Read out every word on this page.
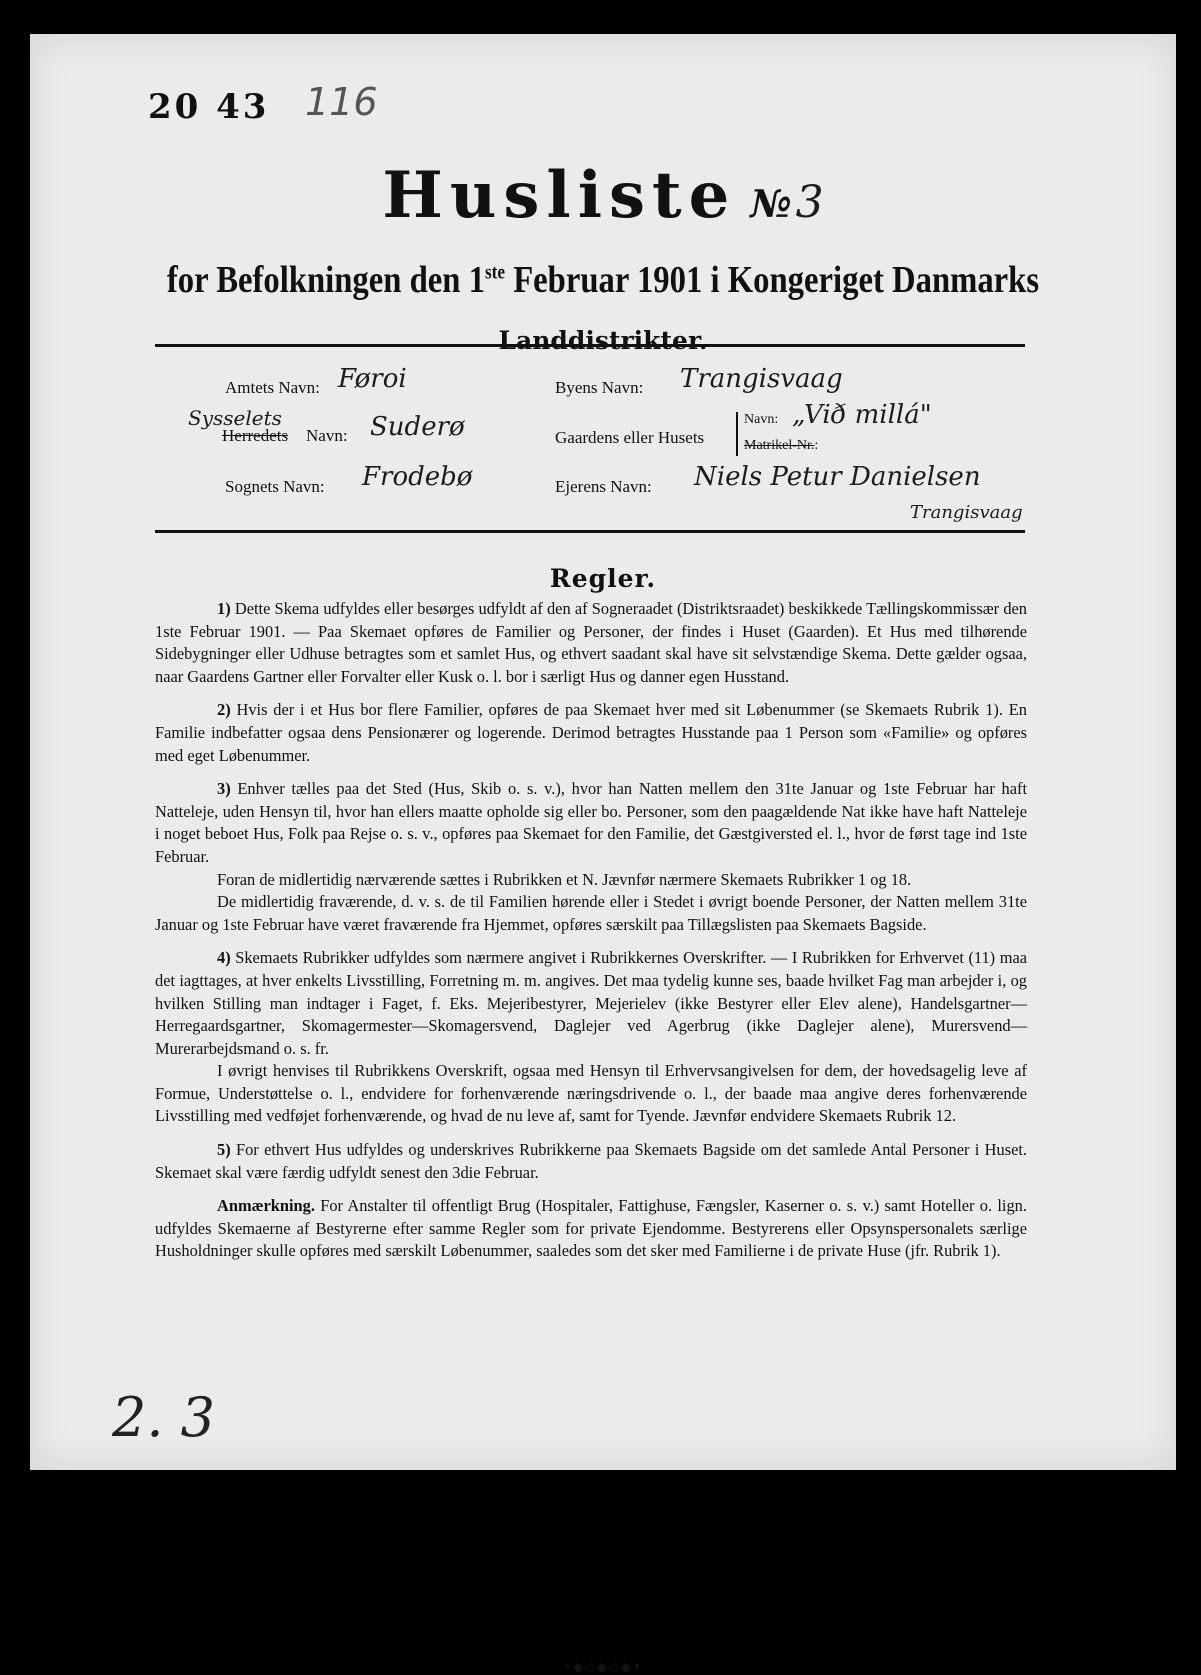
20 43 116
Husliste №3
for Befolkningen den 1ste Februar 1901 i Kongeriget Danmarks
Landdistrikter.
Amtets Navn: Føroi
Sysselets
Herredets Navn: Suderø
Sognets Navn: Frodebø
Byens Navn: Trangisvaag
Gaardens eller Husets
Navn: „Við millá"
Matrikel-Nr.:
Ejerens Navn: Niels Petur Danielsen
Trangisvaag
Regler.

1) Dette Skema udfyldes eller besørges udfyldt af den af Sogneraadet (Distriktsraadet) beskikkede Tællingskommissær den 1ste Februar 1901. — Paa Skemaet opføres de Familier og Personer, der findes i Huset (Gaarden). Et Hus med tilhørende Sidebygninger eller Udhuse betragtes som et samlet Hus, og ethvert saadant skal have sit selvstændige Skema. Dette gælder ogsaa, naar Gaardens Gartner eller Forvalter eller Kusk o. l. bor i særligt Hus og danner egen Husstand.

2) Hvis der i et Hus bor flere Familier, opføres de paa Skemaet hver med sit Løbenummer (se Skemaets Rubrik 1). En Familie indbefatter ogsaa dens Pensionærer og logerende. Derimod betragtes Husstande paa 1 Person som «Familie» og opføres med eget Løbenummer.

3) Enhver tælles paa det Sted (Hus, Skib o. s. v.), hvor han Natten mellem den 31te Januar og 1ste Februar har haft Natteleje, uden Hensyn til, hvor han ellers maatte opholde sig eller bo. Personer, som den paagældende Nat ikke have haft Natteleje i noget beboet Hus, Folk paa Rejse o. s. v., opføres paa Skemaet for den Familie, det Gæstgiversted el. l., hvor de først tage ind 1ste Februar.

Foran de midlertidig nærværende sættes i Rubrikken et N. Jævnfør nærmere Skemaets Rubrikker 1 og 18.

De midlertidig fraværende, d. v. s. de til Familien hørende eller i Stedet i øvrigt boende Personer, der Natten mellem 31te Januar og 1ste Februar have været fraværende fra Hjemmet, opføres særskilt paa Tillægslisten paa Skemaets Bagside.

4) Skemaets Rubrikker udfyldes som nærmere angivet i Rubrikkernes Overskrifter. — I Rubrikken for Erhvervet (11) maa det iagttages, at hver enkelts Livsstilling, Forretning m. m. angives. Det maa tydelig kunne ses, baade hvilket Fag man arbejder i, og hvilken Stilling man indtager i Faget, f. Eks. Mejeribestyrer, Mejerielev (ikke Bestyrer eller Elev alene), Handelsgartner—Herregaardsgartner, Skomagermester—Skomagersvend, Daglejer ved Agerbrug (ikke Daglejer alene), Murersvend—Murerarbejdsmand o. s. fr.

I øvrigt henvises til Rubrikkens Overskrift, ogsaa med Hensyn til Erhvervsangivelsen for dem, der hovedsagelig leve af Formue, Understøttelse o. l., endvidere for forhenværende næringsdrivende o. l., der baade maa angive deres forhenværende Livsstilling med vedføjet forhenværende, og hvad de nu leve af, samt for Tyende. Jævnfør endvidere Skemaets Rubrik 12.

5) For ethvert Hus udfyldes og underskrives Rubrikkerne paa Skemaets Bagside om det samlede Antal Personer i Huset. Skemaet skal være færdig udfyldt senest den 3die Februar.

Anmærkning. For Anstalter til offentligt Brug (Hospitaler, Fattighuse, Fængsler, Kaserner o. s. v.) samt Hoteller o. lign. udfyldes Skemaerne af Bestyrerne efter samme Regler som for private Ejendomme. Bestyrerens eller Opsynspersonalets særlige Husholdninger skulle opføres med særskilt Løbenummer, saaledes som det sker med Familierne i de private Huse (jfr. Rubrik 1).

•◆◇◆◇◆•
2. 3
